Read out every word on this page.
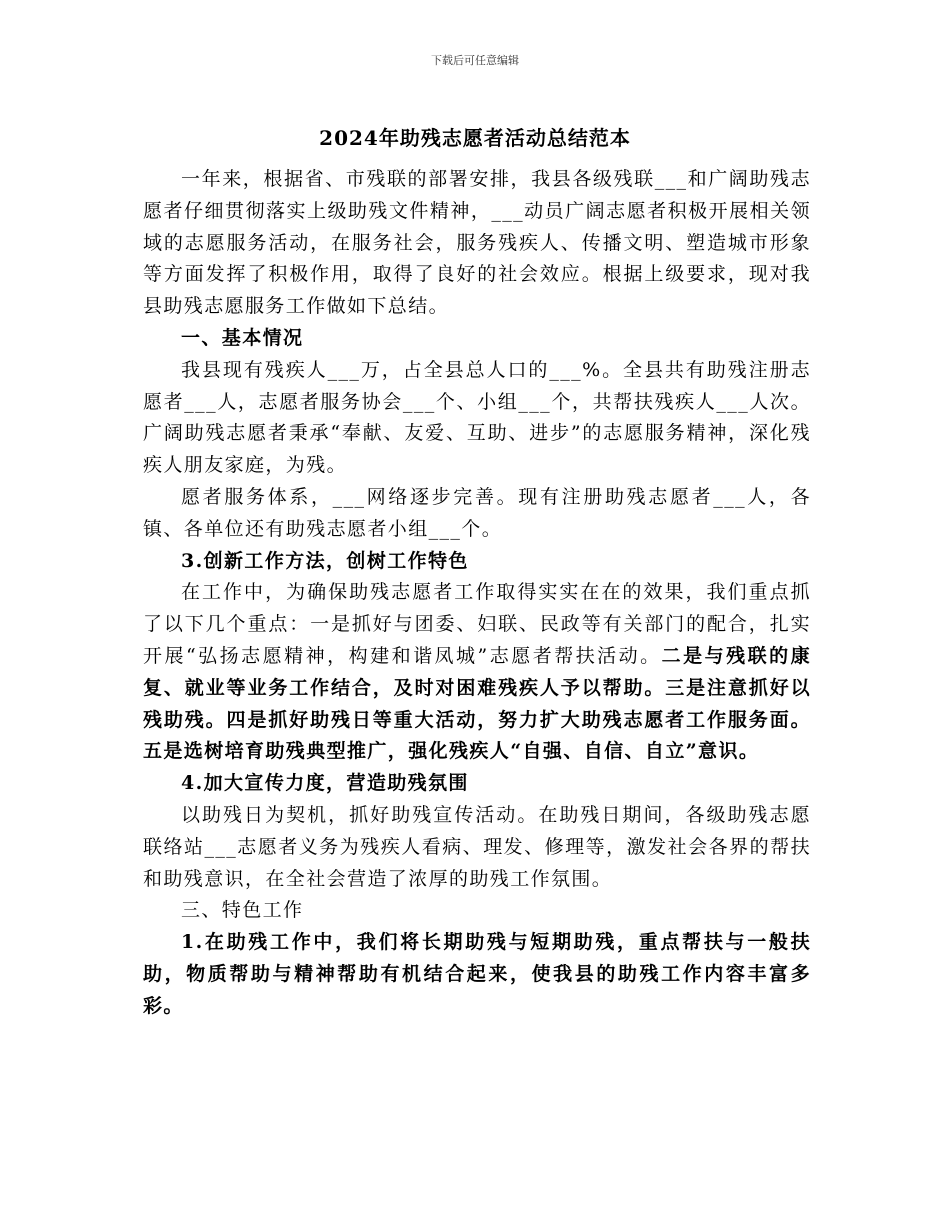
下载后可任意编辑
2024年助残志愿者活动总结范本

一年来，根据省、市残联的部署安排，我县各级残联___和广阔助残志愿者仔细贯彻落实上级助残文件精神，___动员广阔志愿者积极开展相关领域的志愿服务活动，在服务社会，服务残疾人、传播文明、塑造城市形象等方面发挥了积极作用，取得了良好的社会效应。根据上级要求，现对我县助残志愿服务工作做如下总结。

一、基本情况

我县现有残疾人___万，占全县总人口的___%。全县共有助残注册志愿者___人，志愿者服务协会___个、小组___个，共帮扶残疾人___人次。广阔助残志愿者秉承“奉献、友爱、互助、进步”的志愿服务精神，深化残疾人朋友家庭，为残。

愿者服务体系，___网络逐步完善。现有注册助残志愿者___人，各镇、各单位还有助残志愿者小组___个。

3.创新工作方法，创树工作特色

在工作中，为确保助残志愿者工作取得实实在在的效果，我们重点抓了以下几个重点：一是抓好与团委、妇联、民政等有关部门的配合，扎实开展“弘扬志愿精神，构建和谐凤城”志愿者帮扶活动。二是与残联的康复、就业等业务工作结合，及时对困难残疾人予以帮助。三是注意抓好以残助残。四是抓好助残日等重大活动，努力扩大助残志愿者工作服务面。五是选树培育助残典型推广，强化残疾人“自强、自信、自立”意识。

4.加大宣传力度，营造助残氛围

以助残日为契机，抓好助残宣传活动。在助残日期间，各级助残志愿联络站___志愿者义务为残疾人看病、理发、修理等，激发社会各界的帮扶和助残意识，在全社会营造了浓厚的助残工作氛围。

三、特色工作

1.在助残工作中，我们将长期助残与短期助残，重点帮扶与一般扶助，物质帮助与精神帮助有机结合起来，使我县的助残工作内容丰富多彩。
